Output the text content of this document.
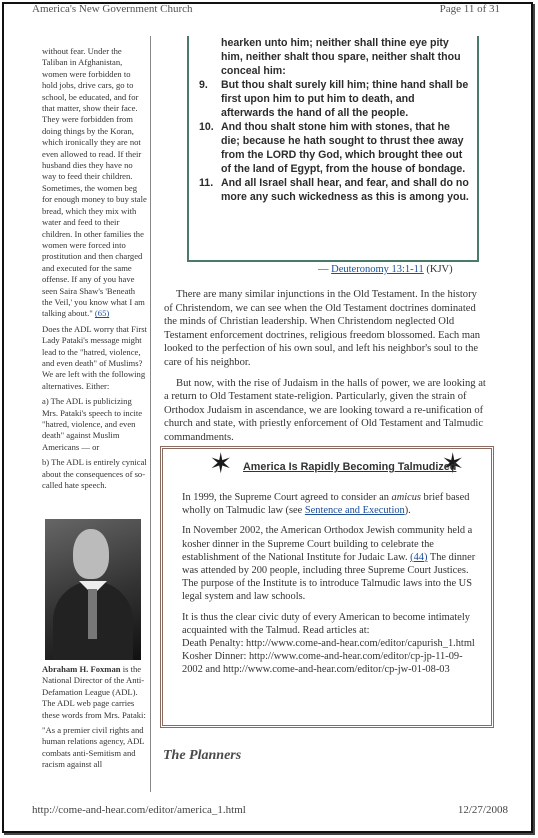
America's New Government Church	Page 11 of 31

without fear. Under the Taliban in Afghanistan, women were forbidden to hold jobs, drive cars, go to school, be educated, and for that matter, show their face. They were forbidden from doing things by the Koran, which ironically they are not even allowed to read. If their husband dies they have no way to feed their children. Sometimes, the women beg for enough money to buy stale bread, which they mix with water and feed to their children. In other families the women were forced into prostitution and then charged and executed for the same offense. If any of you have seen Saira Shaw's 'Beneath the Veil,' you know what I am talking about." (65)

Does the ADL worry that First Lady Pataki's message might lead to the "hatred, violence, and even death" of Muslims? We are left with the following alternatives. Either:

a) The ADL is publicizing Mrs. Pataki's speech to incite "hatred, violence, and even death" against Muslim Americans — or

b) The ADL is entirely cynical about the consequences of so-called hate speech.

Abraham H. Foxman is the National Director of the Anti-Defamation League (ADL). The ADL web page carries these words from Mrs. Pataki:

"As a premier civil rights and human relations agency, ADL combats anti-Semitism and racism against all

hearken unto him; neither shall thine eye pity him, neither shalt thou spare, neither shalt thou conceal him:
9.	But thou shalt surely kill him; thine hand shall be first upon him to put him to death, and afterwards the hand of all the people.
10. And thou shalt stone him with stones, that he die; because he hath sought to thrust thee away from the LORD thy God, which brought thee out of the land of Egypt, from the house of bondage.
11. And all Israel shall hear, and fear, and shall do no more any such wickedness as this is among you.
— Deuteronomy 13:1-11 (KJV)

There are many similar injunctions in the Old Testament. In the history of Christendom, we can see when the Old Testament doctrines dominated the minds of Christian leadership. When Christendom neglected Old Testament enforcement doctrines, religious freedom blossomed. Each man looked to the perfection of his own soul, and left his neighbor's soul to the care of his neighbor.

But now, with the rise of Judaism in the halls of power, we are looking at a return to Old Testament state-religion. Particularly, given the strain of Orthodox Judaism in ascendance, we are looking toward a re-unification of church and state, with priestly enforcement of Old Testament and Talmudic commandments.

✶	✶
America Is Rapidly Becoming Talmudized

In 1999, the Supreme Court agreed to consider an amicus brief based wholly on Talmudic law (see Sentence and Execution).

In November 2002, the American Orthodox Jewish community held a kosher dinner in the Supreme Court building to celebrate the establishment of the National Institute for Judaic Law. (44) The dinner was attended by 200 people, including three Supreme Court Justices. The purpose of the Institute is to introduce Talmudic laws into the US legal system and law schools.

It is thus the clear civic duty of every American to become intimately acquainted with the Talmud. Read articles at:

Death Penalty: http://www.come-and-hear.com/editor/capurish_1.html
Kosher Dinner: http://www.come-and-hear.com/editor/cp-jp-11-09-2002 and http://www.come-and-hear.com/editor/cp-jw-01-08-03
The Planners
http://come-and-hear.com/editor/america_1.html	12/27/2008
